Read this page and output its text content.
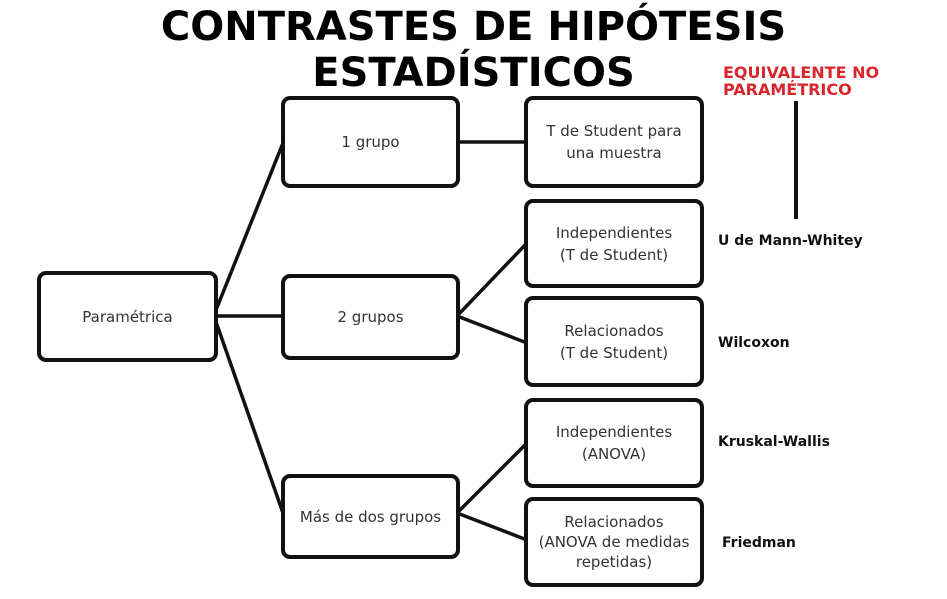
CONTRASTES DE HIPÓTESIS ESTADÍSTICOS	EQUIVALENTE NO
PARAMÉTRICO
Paramétrica
1 grupo
2 grupos
Más de dos grupos
T de Student para
una muestra
Independientes
(T de Student)
Relacionados
(T de Student)
Independientes
(ANOVA)
Relacionados
(ANOVA de medidas
repetidas)
U de Mann-Whitey
Wilcoxon
Kruskal-Wallis
Friedman
